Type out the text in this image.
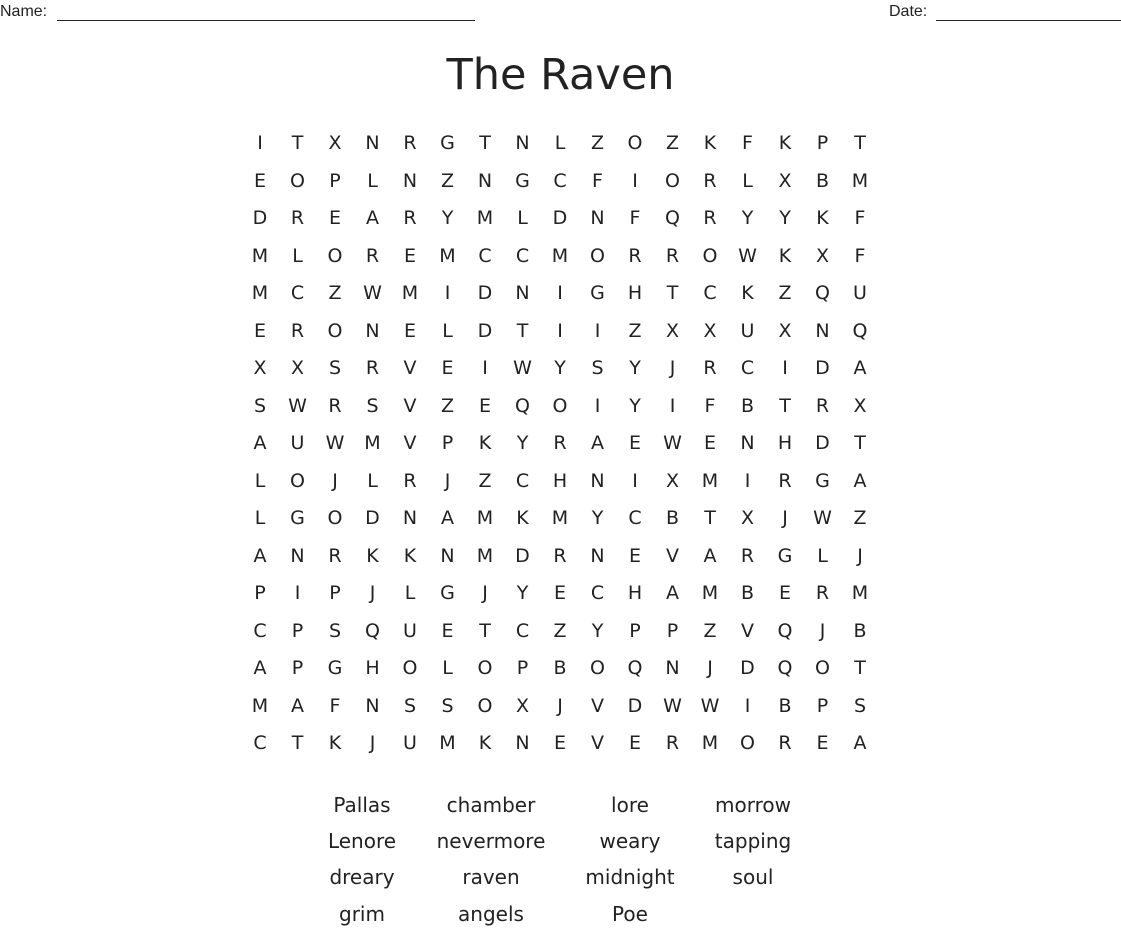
Name:	Date:
The Raven
I	T	X	N	R	G	T	N	L	Z	O	Z	K	F	K	P	T
E	O	P	L	N	Z	N	G	C	F	I	O	R	L	X	B	M
D	R	E	A	R	Y	M	L	D	N	F	Q	R	Y	Y	K	F
M	L	O	R	E	M	C	C	M	O	R	R	O	W	K	X	F
M	C	Z	W	M	I	D	N	I	G	H	T	C	K	Z	Q	U
E	R	O	N	E	L	D	T	I	I	Z	X	X	U	X	N	Q
X	X	S	R	V	E	I	W	Y	S	Y	J	R	C	I	D	A
S	W	R	S	V	Z	E	Q	O	I	Y	I	F	B	T	R	X
A	U	W	M	V	P	K	Y	R	A	E	W	E	N	H	D	T
L	O	J	L	R	J	Z	C	H	N	I	X	M	I	R	G	A
L	G	O	D	N	A	M	K	M	Y	C	B	T	X	J	W	Z
A	N	R	K	K	N	M	D	R	N	E	V	A	R	G	L	J
P	I	P	J	L	G	J	Y	E	C	H	A	M	B	E	R	M
C	P	S	Q	U	E	T	C	Z	Y	P	P	Z	V	Q	J	B
A	P	G	H	O	L	O	P	B	O	Q	N	J	D	Q	O	T
M	A	F	N	S	S	O	X	J	V	D	W W	I	B	P	S
C	T	K	J	U	M	K	N	E	V	E	R	M	O	R	E	A
Pallas	chamber	lore	morrow
Lenore	nevermore	weary	tapping
dreary	raven	midnight	soul
grim	angels	Poe
